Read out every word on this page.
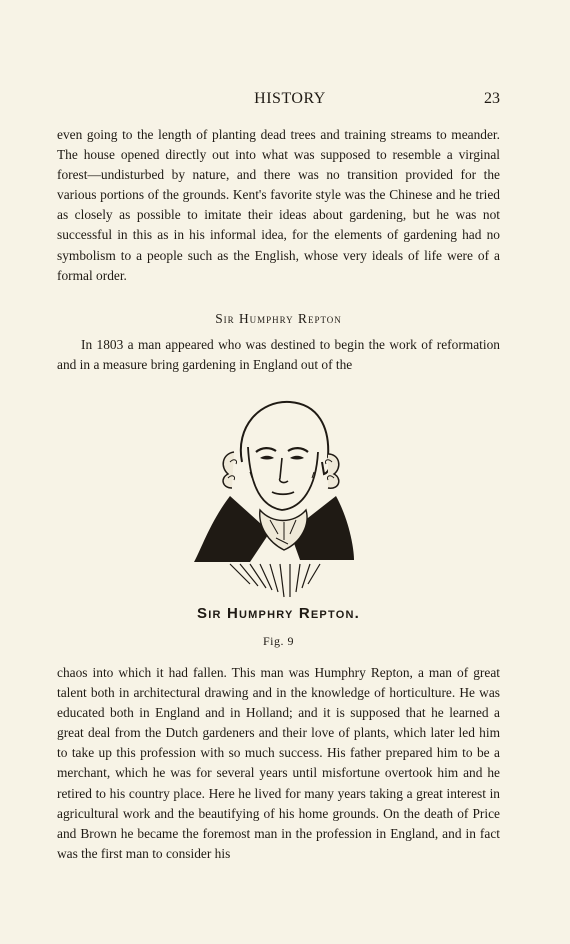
HISTORY	23

even going to the length of planting dead trees and training streams to meander. The house opened directly out into what was supposed to resemble a virginal forest—undisturbed by nature, and there was no transition provided for the various portions of the grounds. Kent's favorite style was the Chinese and he tried as closely as possible to imitate their ideas about gardening, but he was not successful in this as in his informal idea, for the elements of gardening had no symbolism to a people such as the English, whose very ideals of life were of a formal order.

Sir Humphry Repton

In 1803 a man appeared who was destined to begin the work of reformation and in a measure bring gardening in England out of the

Sir Humphry Repton.
Fig. 9

chaos into which it had fallen. This man was Humphry Repton, a man of great talent both in architectural drawing and in the knowledge of horticulture. He was educated both in England and in Holland; and it is supposed that he learned a great deal from the Dutch gardeners and their love of plants, which later led him to take up this profession with so much success. His father prepared him to be a merchant, which he was for several years until misfortune overtook him and he retired to his country place. Here he lived for many years taking a great interest in agricultural work and the beautifying of his home grounds. On the death of Price and Brown he became the foremost man in the profession in England, and in fact was the first man to consider his
